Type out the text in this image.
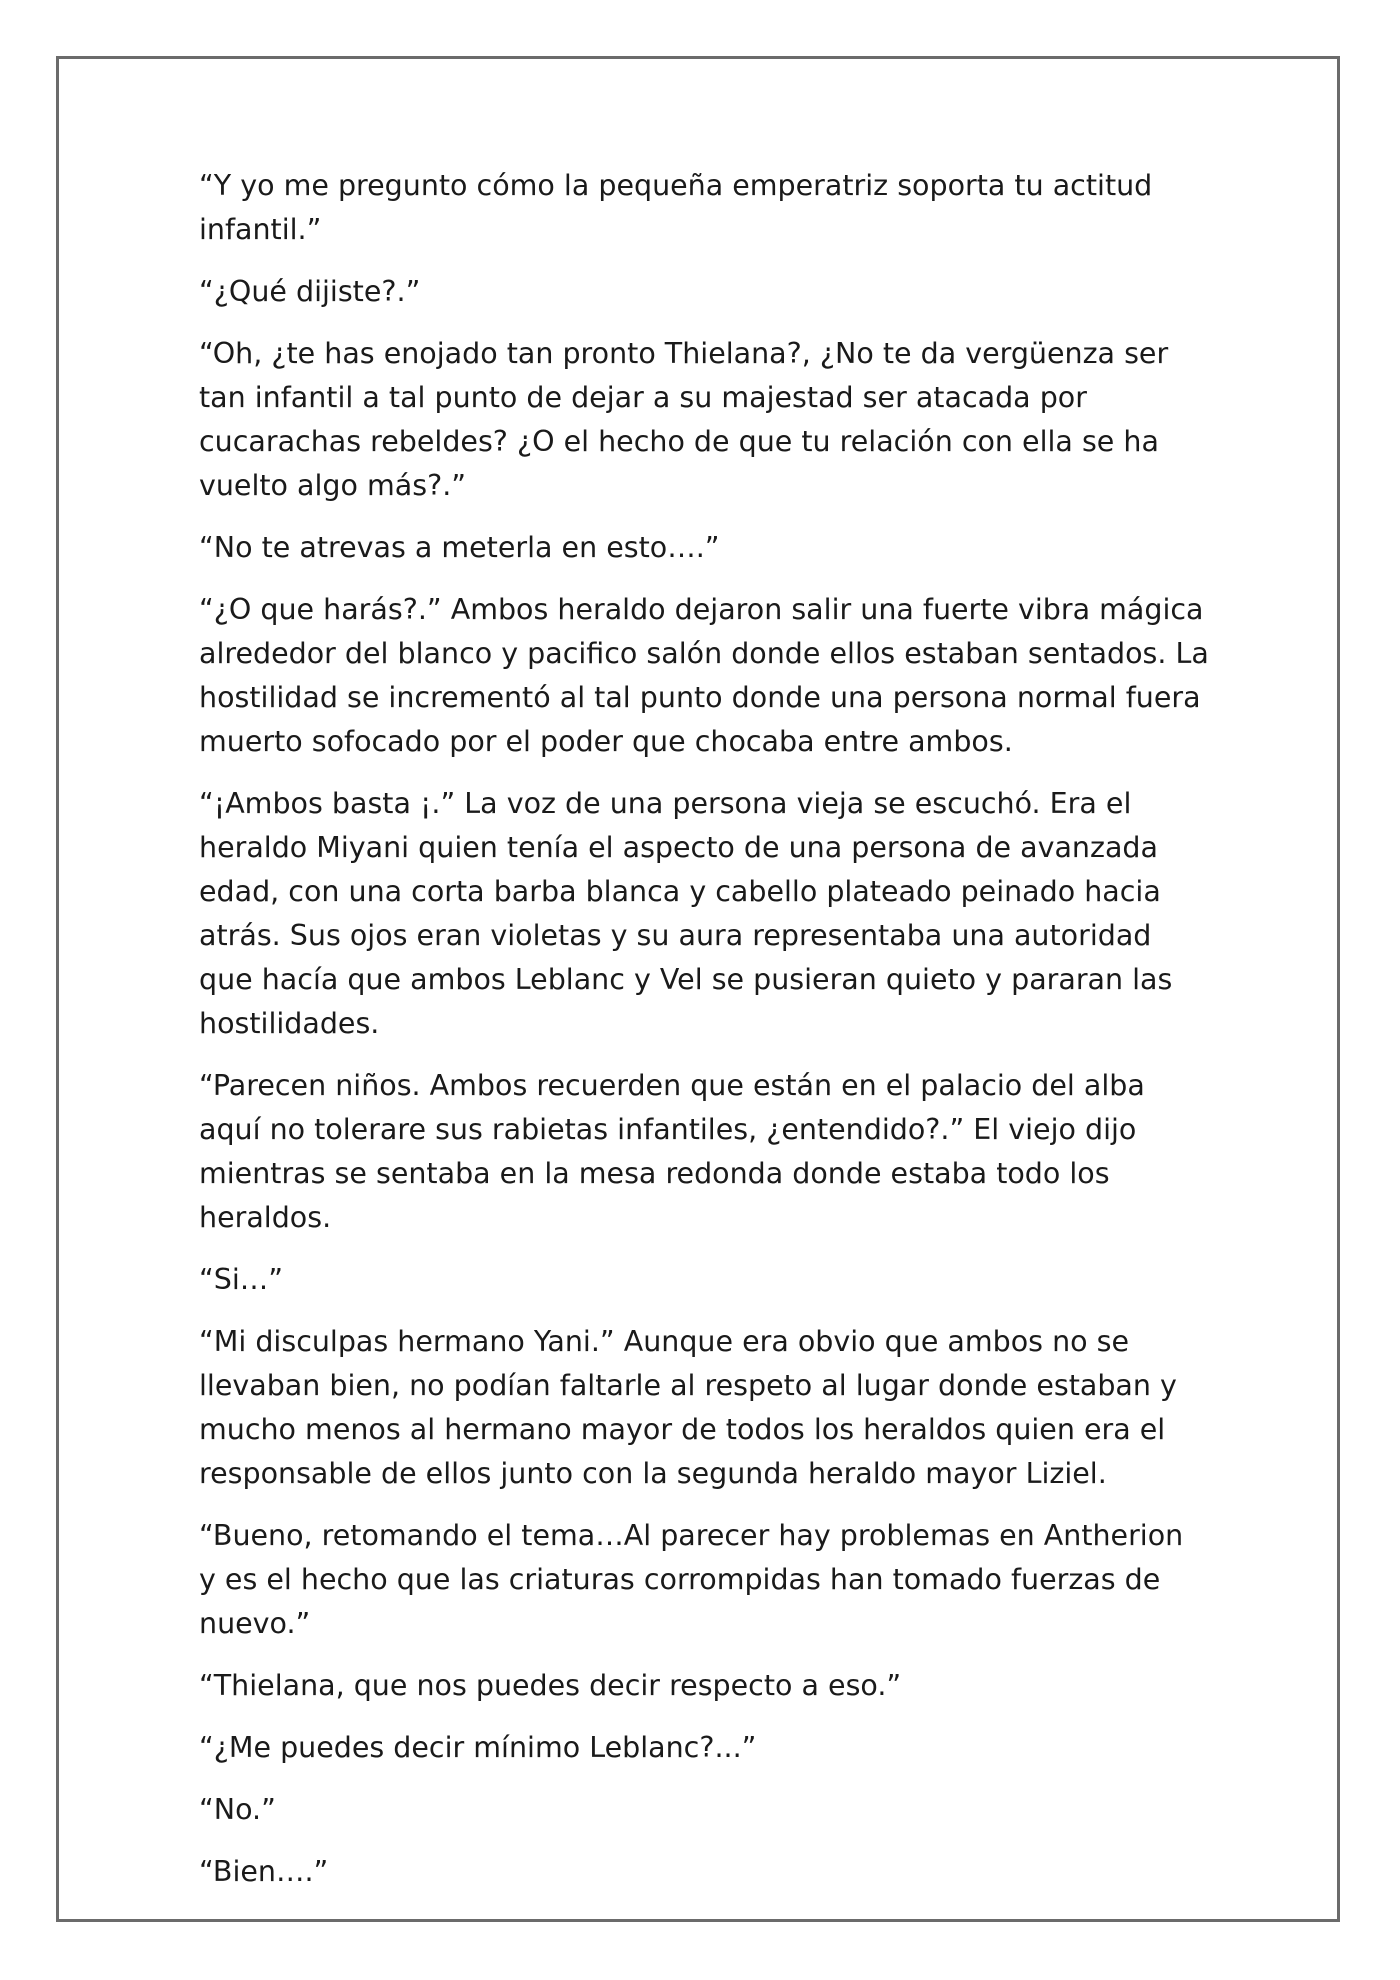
“Y yo me pregunto cómo la pequeña emperatriz soporta tu actitud infantil.”

“¿Qué dijiste?.”

“Oh, ¿te has enojado tan pronto Thielana?, ¿No te da vergüenza ser tan infantil a tal punto de dejar a su majestad ser atacada por cucarachas rebeldes? ¿O el hecho de que tu relación con ella se ha vuelto algo más?.”

“No te atrevas a meterla en esto….”

“¿O que harás?.” Ambos heraldo dejaron salir una fuerte vibra mágica alrededor del blanco y pacifico salón donde ellos estaban sentados. La hostilidad se incrementó al tal punto donde una persona normal fuera muerto sofocado por el poder que chocaba entre ambos.

“¡Ambos basta ¡.” La voz de una persona vieja se escuchó. Era el heraldo Miyani quien tenía el aspecto de una persona de avanzada edad, con una corta barba blanca y cabello plateado peinado hacia atrás. Sus ojos eran violetas y su aura representaba una autoridad que hacía que ambos Leblanc y Vel se pusieran quieto y pararan las hostilidades.

“Parecen niños. Ambos recuerden que están en el palacio del alba aquí no tolerare sus rabietas infantiles, ¿entendido?.” El viejo dijo mientras se sentaba en la mesa redonda donde estaba todo los heraldos.

“Si…”

“Mi disculpas hermano Yani.” Aunque era obvio que ambos no se llevaban bien, no podían faltarle al respeto al lugar donde estaban y mucho menos al hermano mayor de todos los heraldos quien era el responsable de ellos junto con la segunda heraldo mayor Liziel.

“Bueno, retomando el tema…Al parecer hay problemas en Antherion y es el hecho que las criaturas corrompidas han tomado fuerzas de nuevo.”

“Thielana, que nos puedes decir respecto a eso.”

“¿Me puedes decir mínimo Leblanc?...”

“No.”

“Bien….”
